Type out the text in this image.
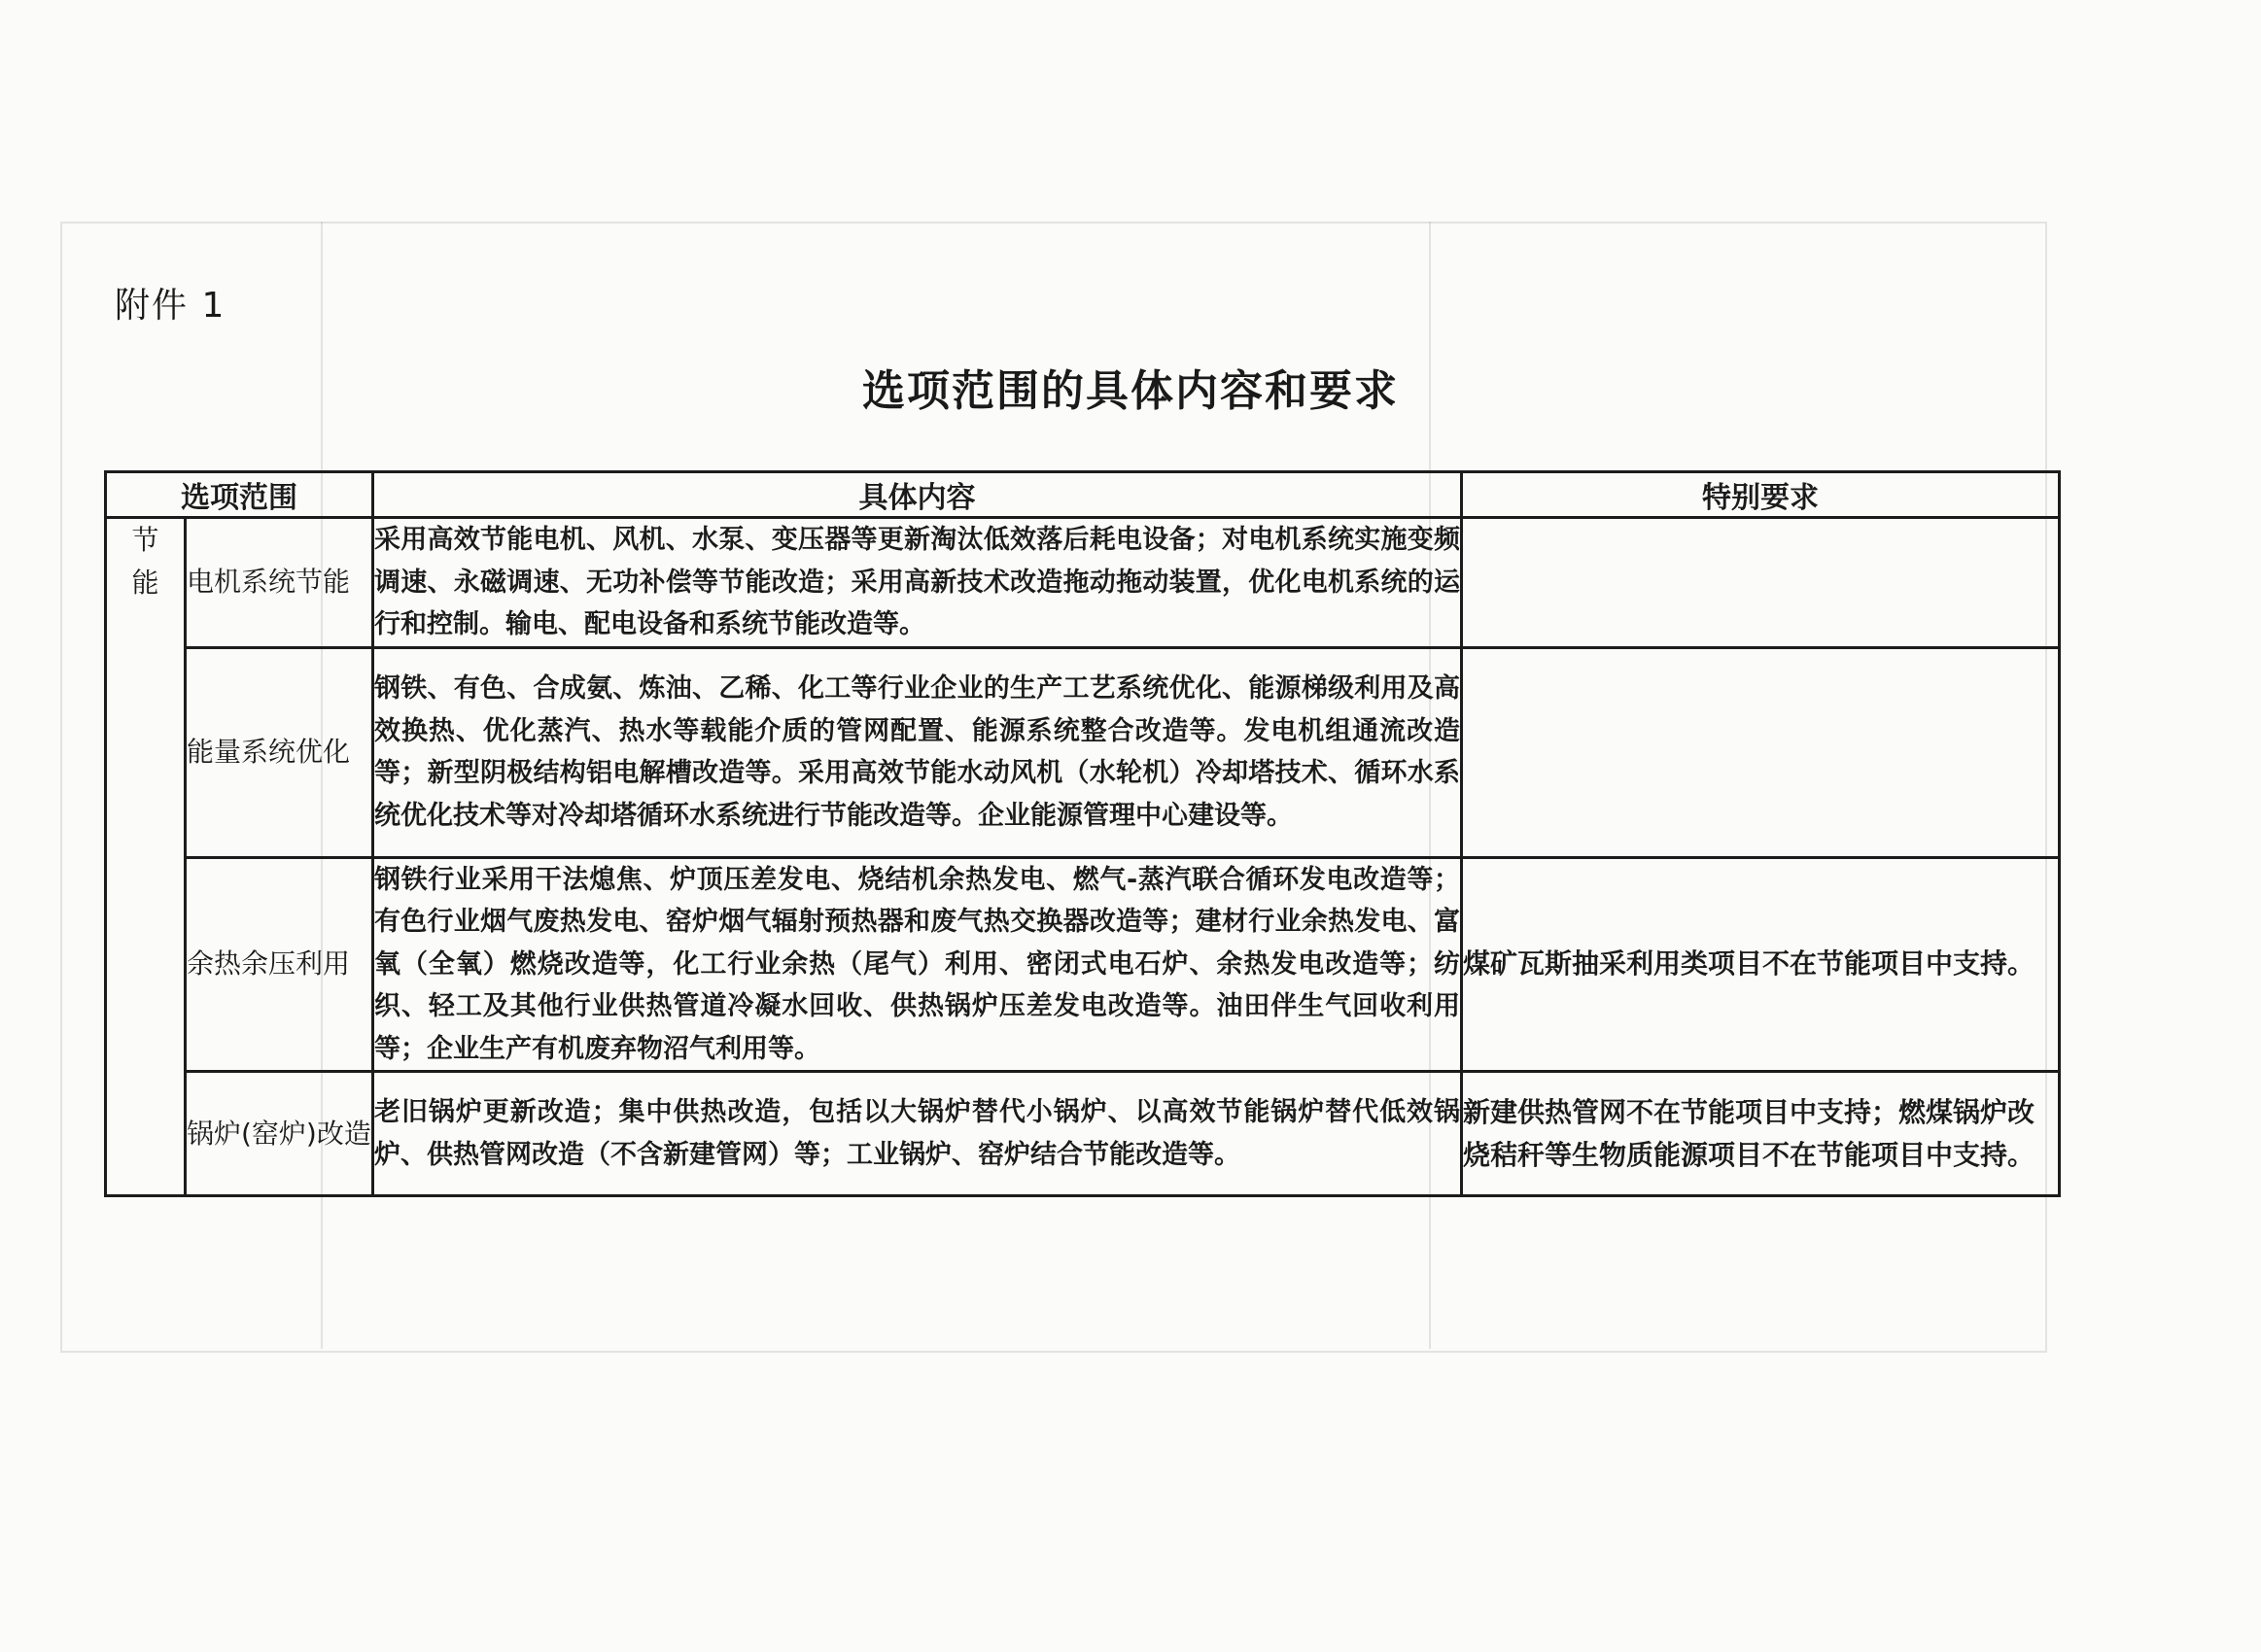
附件 1
选项范围的具体内容和要求
选项范围		具体内容	特别要求

节能	电机系统节能	采用高效节能电机、风机、水泵、变压器等更新淘汰低效落后耗电设备；对电机系统实施变频调速、永磁调速、无功补偿等节能改造；采用高新技术改造拖动拖动装置，优化电机系统的运行和控制。输电、配电设备和系统节能改造等。	
	能量系统优化	钢铁、有色、合成氨、炼油、乙稀、化工等行业企业的生产工艺系统优化、能源梯级利用及高效换热、优化蒸汽、热水等载能介质的管网配置、能源系统整合改造等。发电机组通流改造等；新型阴极结构铝电解槽改造等。采用高效节能水动风机（水轮机）冷却塔技术、循环水系统优化技术等对冷却塔循环水系统进行节能改造等。企业能源管理中心建设等。	
	余热余压利用	钢铁行业采用干法熄焦、炉顶压差发电、烧结机余热发电、燃气-蒸汽联合循环发电改造等；有色行业烟气废热发电、窑炉烟气辐射预热器和废气热交换器改造等；建材行业余热发电、富氧（全氧）燃烧改造等，化工行业余热（尾气）利用、密闭式电石炉、余热发电改造等；纺织、轻工及其他行业供热管道冷凝水回收、供热锅炉压差发电改造等。油田伴生气回收利用等；企业生产有机废弃物沼气利用等。	煤矿瓦斯抽采利用类项目不在节能项目中支持。
	锅炉(窑炉)改造	老旧锅炉更新改造；集中供热改造，包括以大锅炉替代小锅炉、以高效节能锅炉替代低效锅炉、供热管网改造（不含新建管网）等；工业锅炉、窑炉结合节能改造等。	新建供热管网不在节能项目中支持；燃煤锅炉改烧秸秆等生物质能源项目不在节能项目中支持。
